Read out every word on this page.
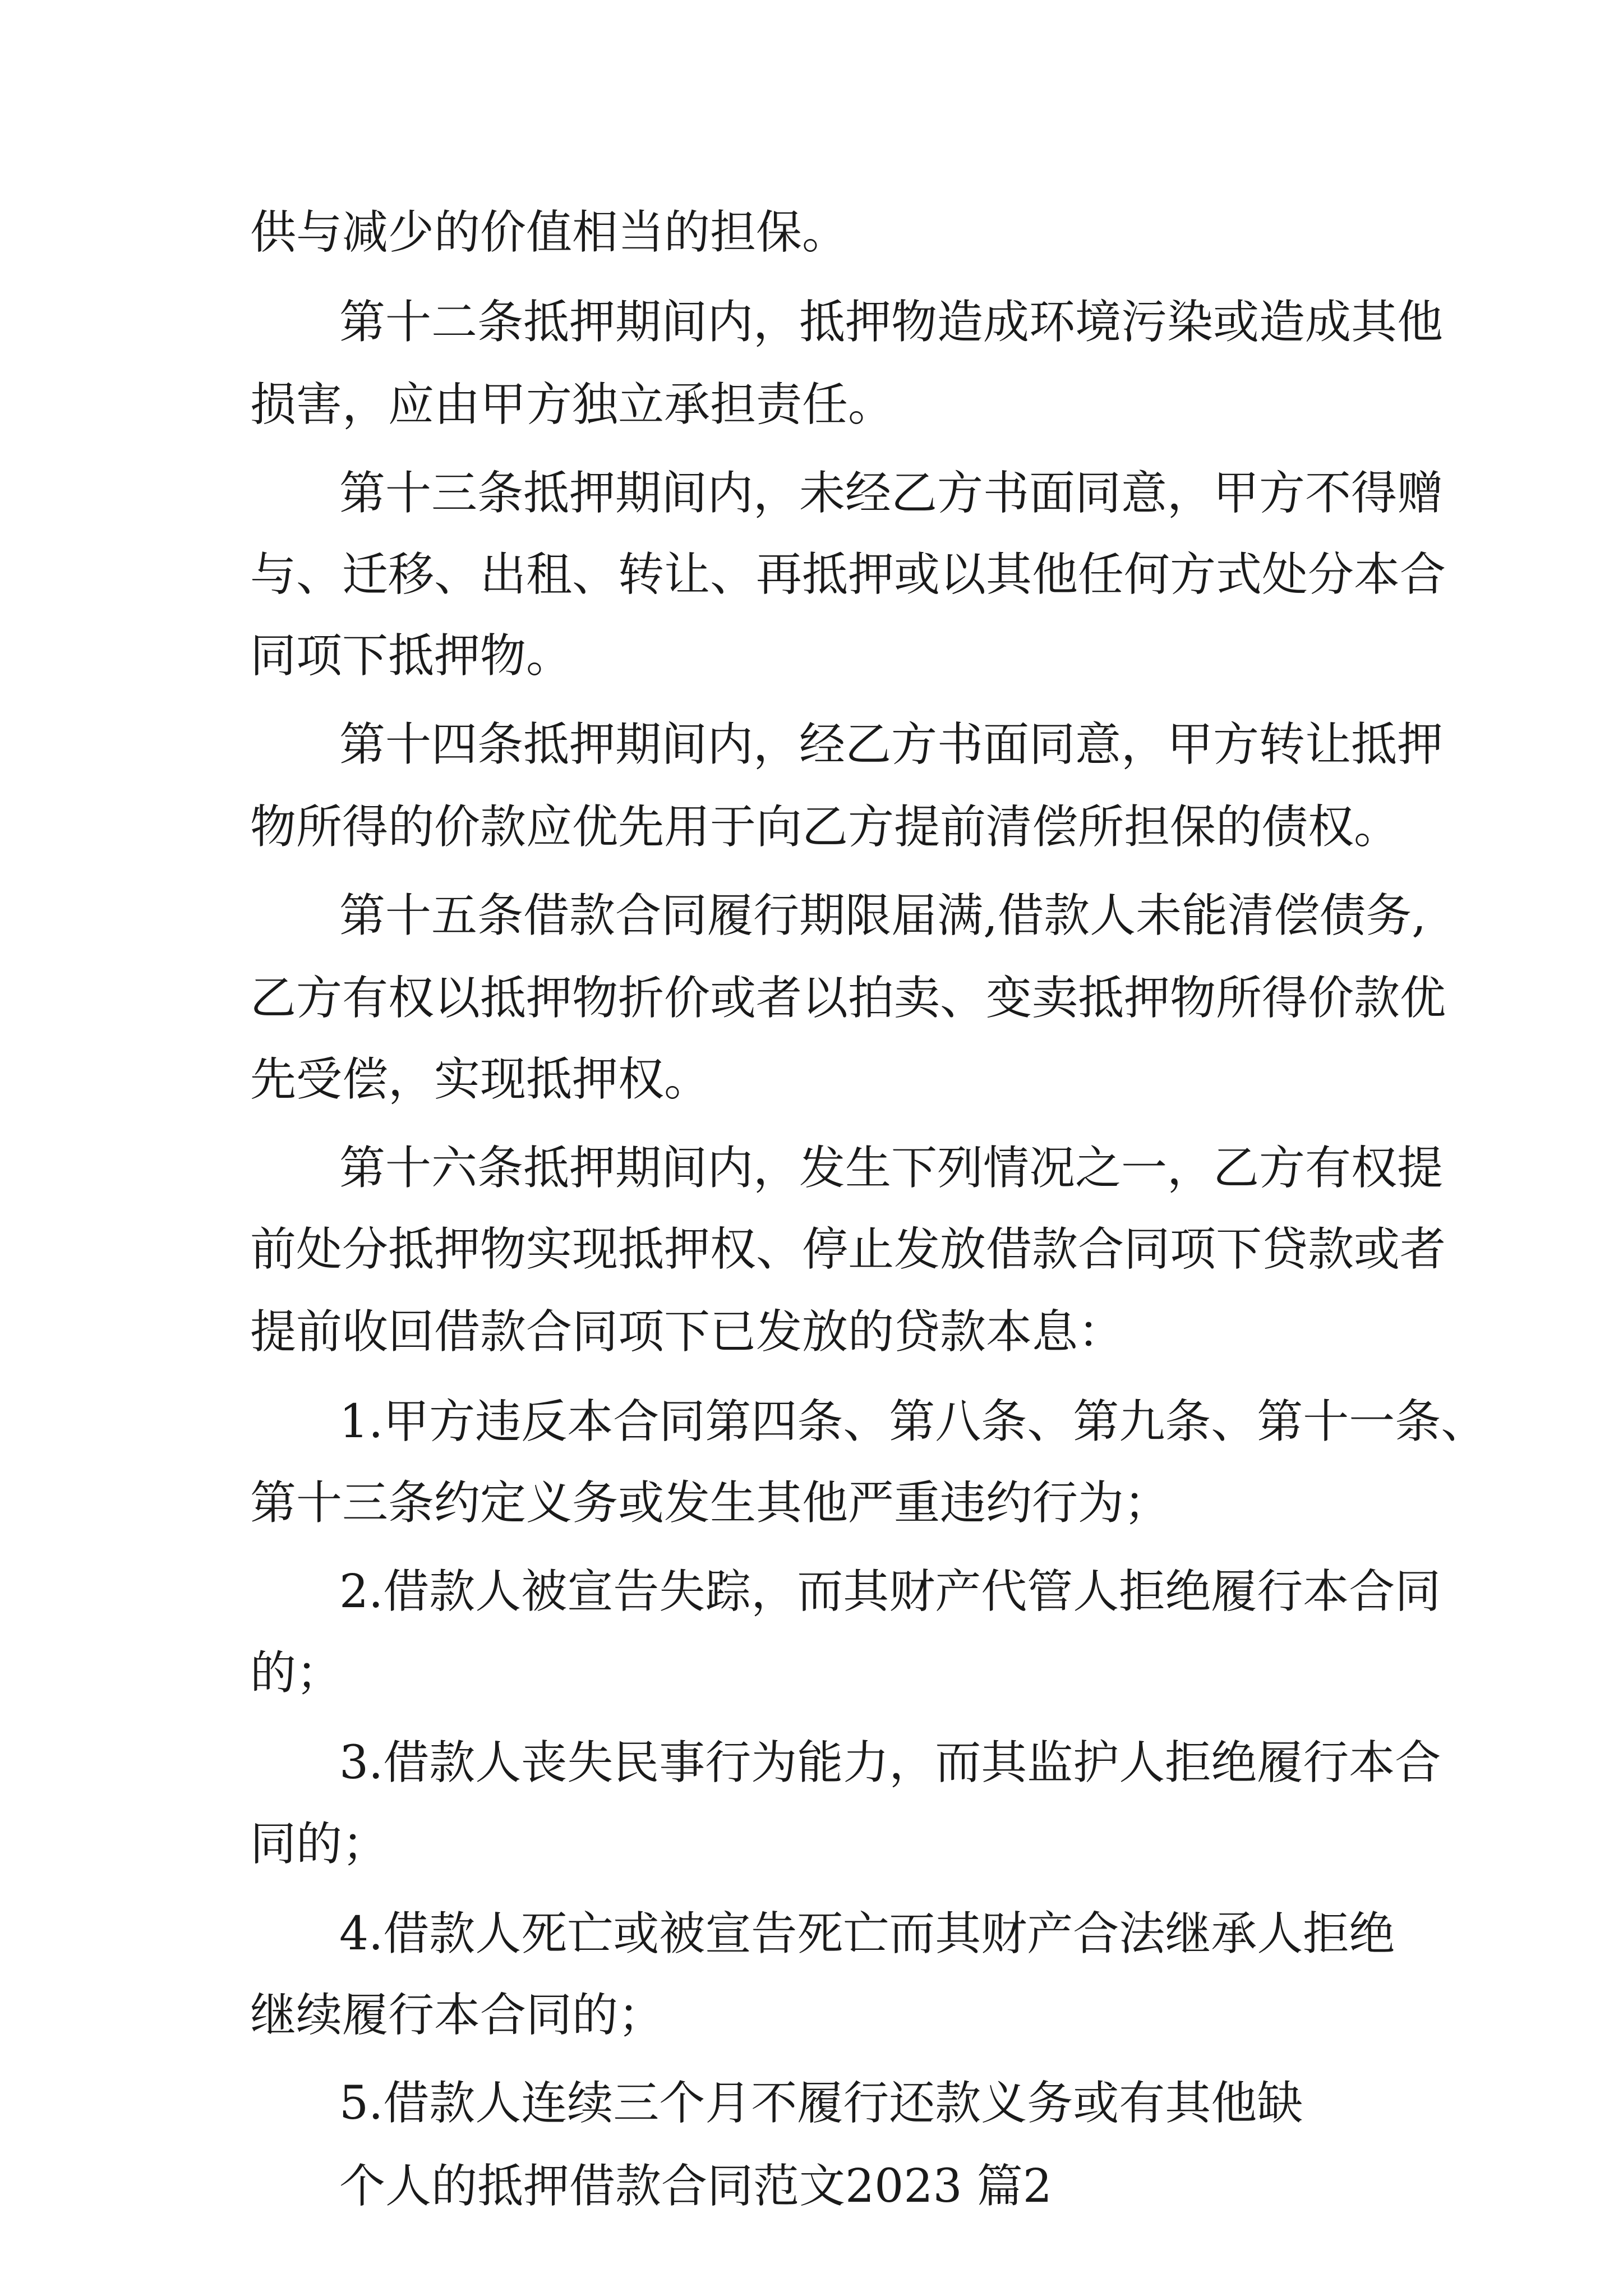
供与减少的价值相当的担保。
第十二条抵押期间内，抵押物造成环境污染或造成其他
损害，应由甲方独立承担责任。
第十三条抵押期间内，未经乙方书面同意，甲方不得赠
与、迁移、出租、转让、再抵押或以其他任何方式处分本合
同项下抵押物。
第十四条抵押期间内，经乙方书面同意，甲方转让抵押
物所得的价款应优先用于向乙方提前清偿所担保的债权。
第十五条借款合同履行期限届满,借款人未能清偿债务,
乙方有权以抵押物折价或者以拍卖、变卖抵押物所得价款优
先受偿，实现抵押权。
第十六条抵押期间内，发生下列情况之一，乙方有权提
前处分抵押物实现抵押权、停止发放借款合同项下贷款或者
提前收回借款合同项下已发放的贷款本息：
1.甲方违反本合同第四条、第八条、第九条、第十一条、
第十三条约定义务或发生其他严重违约行为；
2.借款人被宣告失踪，而其财产代管人拒绝履行本合同
的；
3.借款人丧失民事行为能力，而其监护人拒绝履行本合
同的；
4.借款人死亡或被宣告死亡而其财产合法继承人拒绝
继续履行本合同的；
5.借款人连续三个月不履行还款义务或有其他缺
个人的抵押借款合同范文2023 篇2
